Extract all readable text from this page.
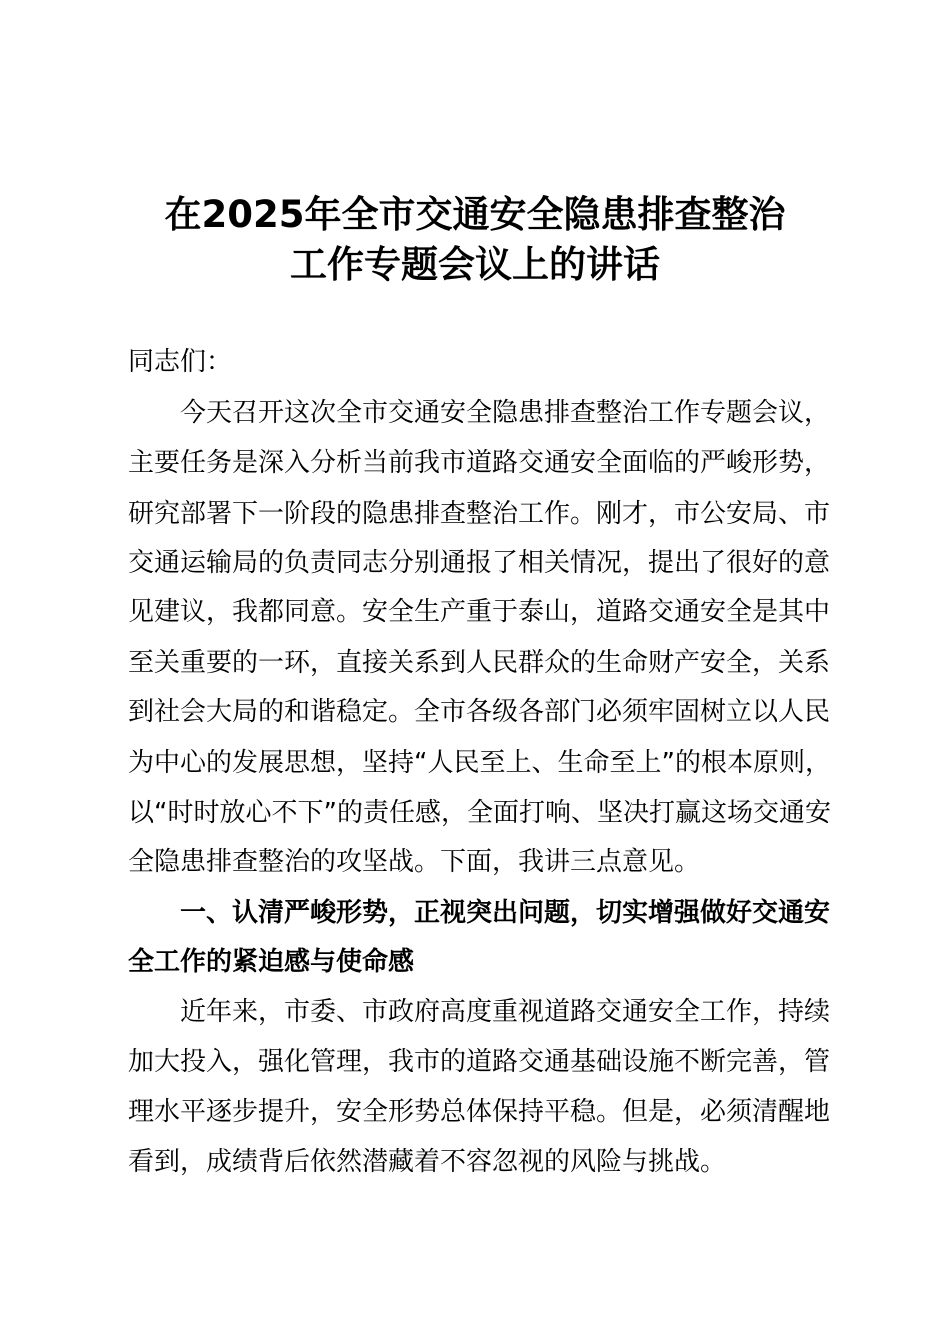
在2025年全市交通安全隐患排查整治
工作专题会议上的讲话
同志们：
今天召开这次全市交通安全隐患排查整治工作专题会议，
主要任务是深入分析当前我市道路交通安全面临的严峻形势，
研究部署下一阶段的隐患排查整治工作。刚才，市公安局、市
交通运输局的负责同志分别通报了相关情况，提出了很好的意
见建议，我都同意。安全生产重于泰山，道路交通安全是其中
至关重要的一环，直接关系到人民群众的生命财产安全，关系
到社会大局的和谐稳定。全市各级各部门必须牢固树立以人民
为中心的发展思想，坚持“人民至上、生命至上”的根本原则，
以“时时放心不下”的责任感，全面打响、坚决打赢这场交通安
全隐患排查整治的攻坚战。下面，我讲三点意见。
一、认清严峻形势，正视突出问题，切实增强做好交通安
全工作的紧迫感与使命感
近年来，市委、市政府高度重视道路交通安全工作，持续
加大投入，强化管理，我市的道路交通基础设施不断完善，管
理水平逐步提升，安全形势总体保持平稳。但是，必须清醒地
看到，成绩背后依然潜藏着不容忽视的风险与挑战。
